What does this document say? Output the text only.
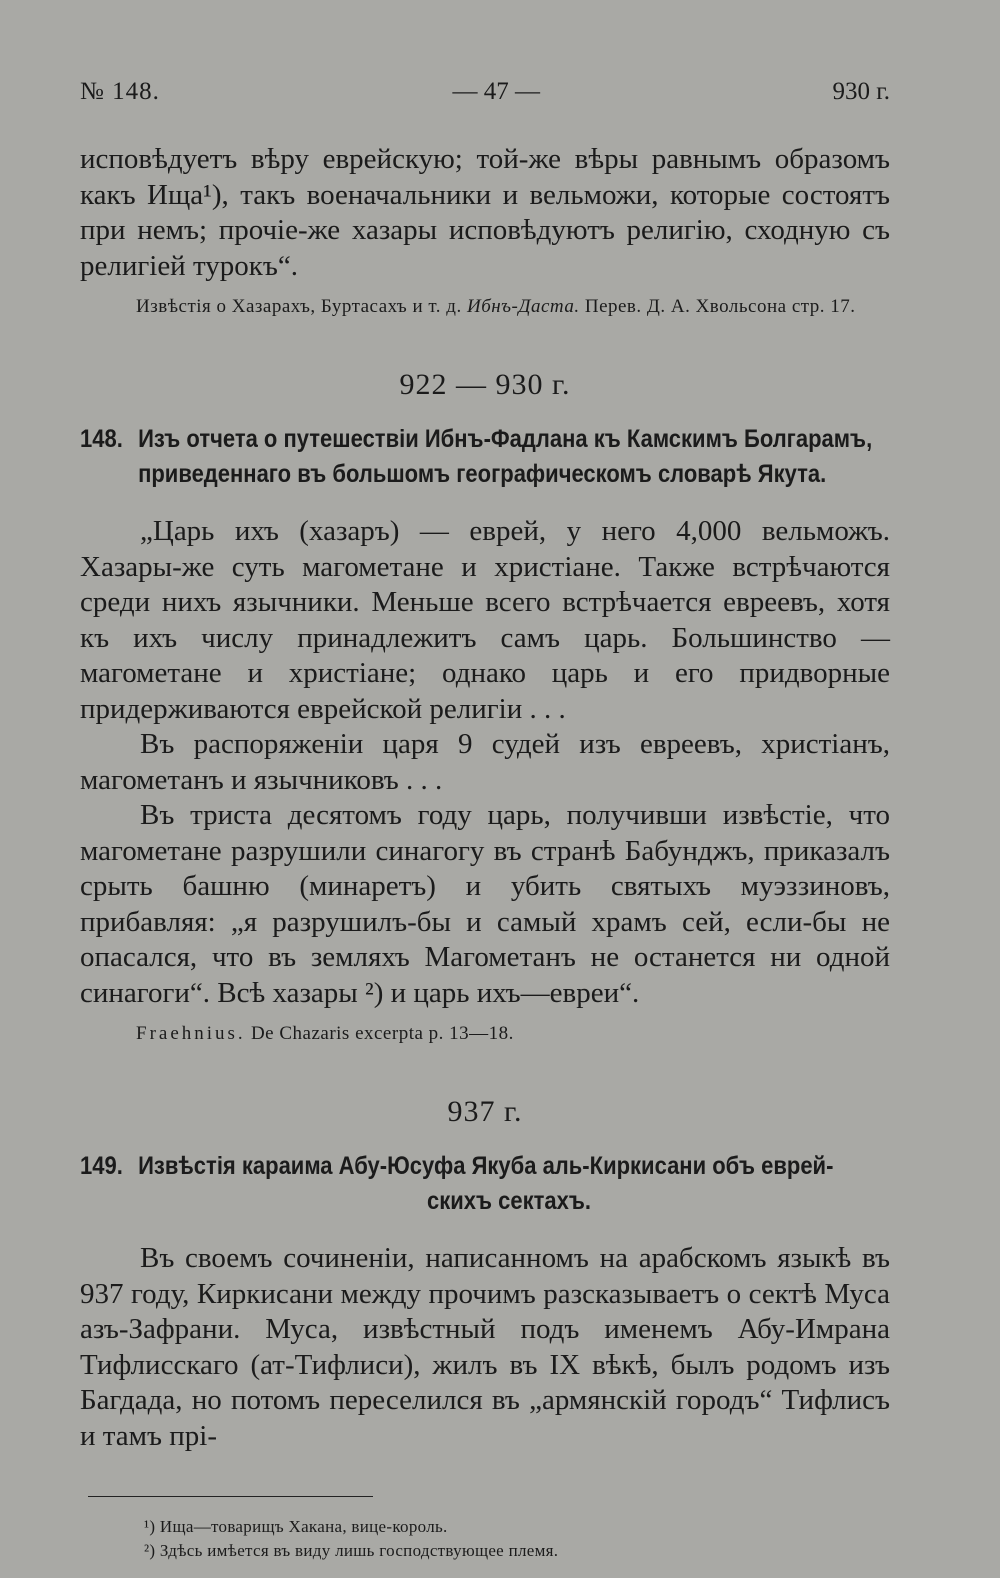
№ 148.	— 47 —	930 г.

исповѣдуетъ вѣру еврейскую; той-же вѣры равнымъ образомъ какъ Ища¹), такъ военачальники и вельможи, которые состоятъ при немъ; прочіе-же хазары исповѣдуютъ религію, сходную съ религіей турокъ“.

Извѣстія о Хазарахъ, Буртасахъ и т. д. Ибнъ-Даста. Перев. Д. А. Хвольсона стр. 17.

922 — 930 г.
148. Изъ отчета о путешествіи Ибнъ-Фадлана къ Камскимъ Болгарамъ,
приведеннаго въ большомъ географическомъ словарѣ Якута.

„Царь ихъ (хазаръ) — еврей, у него 4,000 вельможъ. Хазары-же суть магометане и христіане. Также встрѣчаются среди нихъ язычники. Меньше всего встрѣчается евреевъ, хотя къ ихъ числу принадлежитъ самъ царь. Большинство — магометане и христіане; однако царь и его придворные придерживаются еврейской религіи . . .

Въ распоряженіи царя 9 судей изъ евреевъ, христіанъ, магометанъ и язычниковъ . . .

Въ триста десятомъ году царь, получивши извѣстіе, что магометане разрушили синагогу въ странѣ Бабунджъ, приказалъ срыть башню (минаретъ) и убить святыхъ муэззиновъ, прибавляя: „я разрушилъ-бы и самый храмъ сей, если-бы не опасался, что въ земляхъ Магометанъ не останется ни одной синагоги“. Всѣ хазары ²) и царь ихъ—евреи“.

Fraehnius. De Chazaris excerpta p. 13—18.

937 г.
149. Извѣстія караима Абу-Юсуфа Якуба аль-Киркисани объ еврей-
скихъ сектахъ.

Въ своемъ сочиненіи, написанномъ на арабскомъ языкѣ въ 937 году, Киркисани между прочимъ разсказываетъ о сектѣ Муса азъ-Зафрани. Муса, извѣстный подъ именемъ Абу-Имрана Тифлисскаго (ат-Тифлиси), жилъ въ IX вѣкѣ, былъ родомъ изъ Багдада, но потомъ переселился въ „армянскій городъ“ Тифлисъ и тамъ прі-

¹) Ища—товарищъ Хакана, вице-король.

²) Здѣсь имѣется въ виду лишь господствующее племя.
